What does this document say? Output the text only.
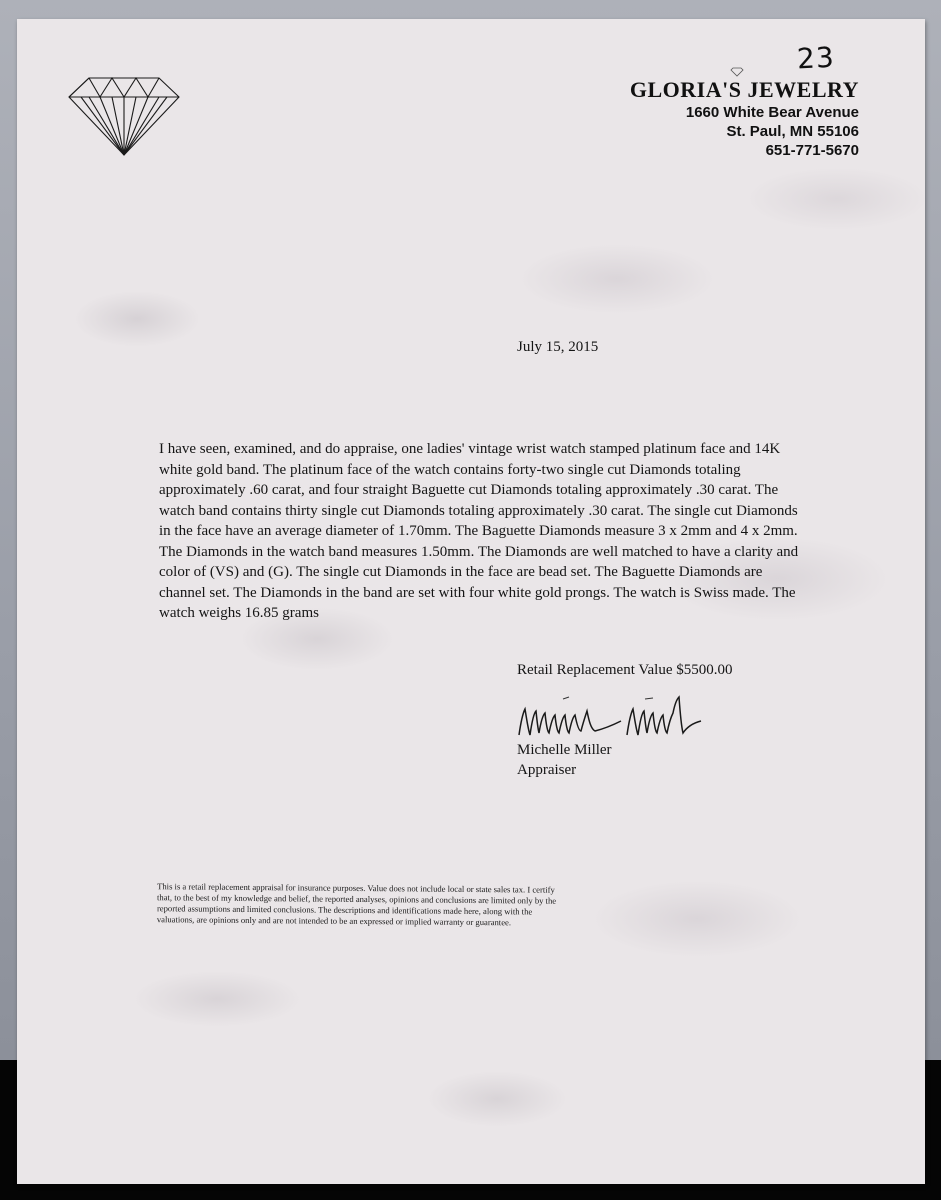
23
GLORIA'S JEWELRY
1660 White Bear Avenue
St. Paul, MN 55106
651-771-5670
July 15, 2015
I have seen, examined, and do appraise, one ladies' vintage wrist watch stamped platinum face and 14K white gold band. The platinum face of the watch contains forty-two single cut Diamonds totaling approximately .60 carat, and four straight Baguette cut Diamonds totaling approximately .30 carat. The watch band contains thirty single cut Diamonds totaling approximately .30 carat. The single cut Diamonds in the face have an average diameter of 1.70mm. The Baguette Diamonds measure 3 x 2mm and 4 x 2mm. The Diamonds in the watch band measures 1.50mm. The Diamonds are well matched to have a clarity and color of (VS) and (G). The single cut Diamonds in the face are bead set. The Baguette Diamonds are channel set. The Diamonds in the band are set with four white gold prongs. The watch is Swiss made. The watch weighs 16.85 grams
Retail Replacement Value $5500.00
Michelle Miller
Appraiser
This is a retail replacement appraisal for insurance purposes. Value does not include local or state sales tax. I certify that, to the best of my knowledge and belief, the reported analyses, opinions and conclusions are limited only by the reported assumptions and limited conclusions. The descriptions and identifications made here, along with the valuations, are opinions only and are not intended to be an expressed or implied warranty or guarantee.
